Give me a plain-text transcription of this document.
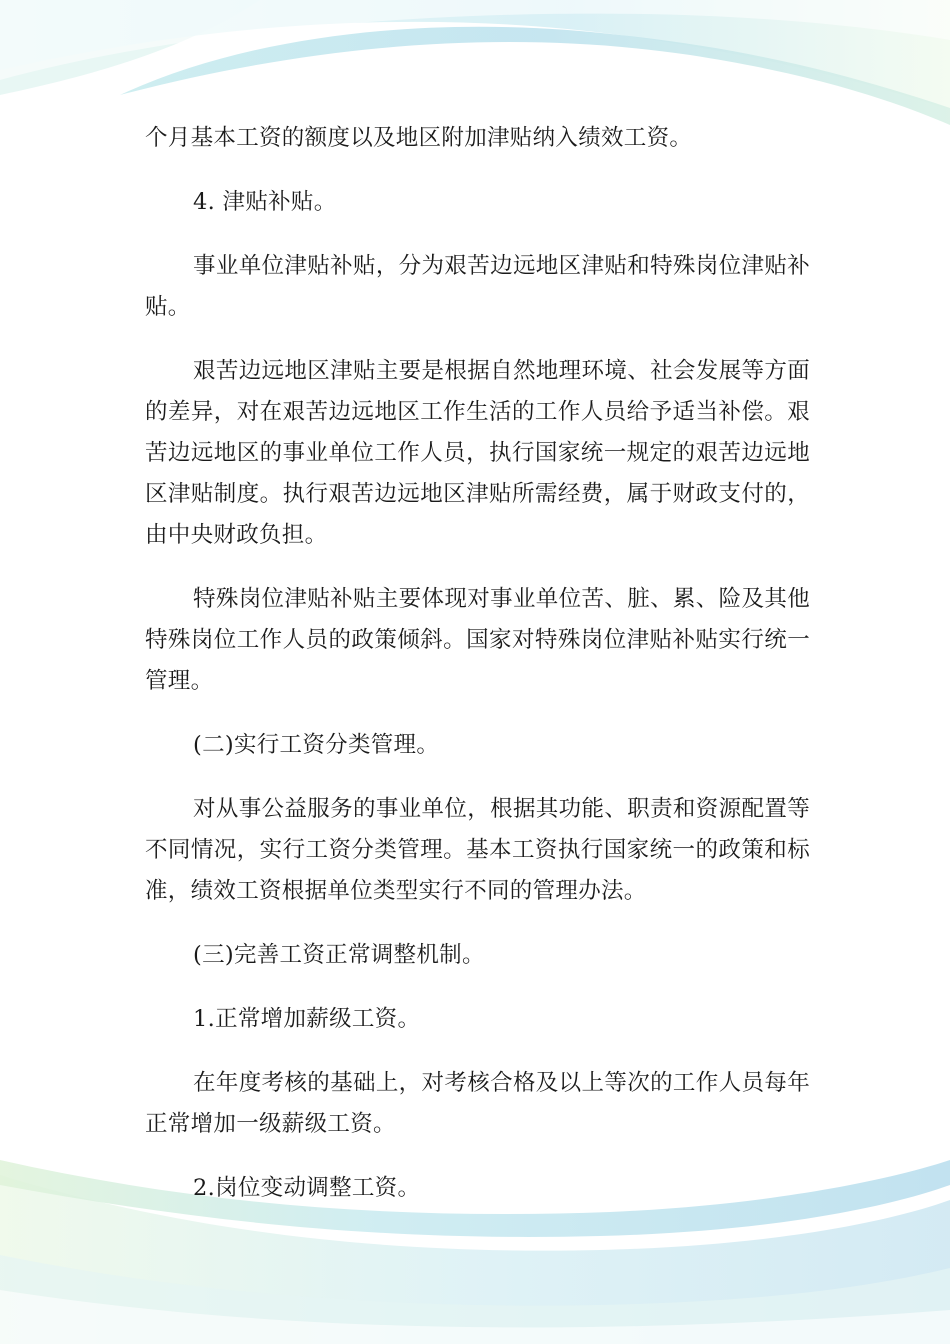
个月基本工资的额度以及地区附加津贴纳入绩效工资。

4. 津贴补贴。

事业单位津贴补贴，分为艰苦边远地区津贴和特殊岗位津贴补贴。

艰苦边远地区津贴主要是根据自然地理环境、社会发展等方面的差异，对在艰苦边远地区工作生活的工作人员给予适当补偿。艰苦边远地区的事业单位工作人员，执行国家统一规定的艰苦边远地区津贴制度。执行艰苦边远地区津贴所需经费，属于财政支付的，由中央财政负担。

特殊岗位津贴补贴主要体现对事业单位苦、脏、累、险及其他特殊岗位工作人员的政策倾斜。国家对特殊岗位津贴补贴实行统一管理。

(二)实行工资分类管理。

对从事公益服务的事业单位，根据其功能、职责和资源配置等不同情况，实行工资分类管理。基本工资执行国家统一的政策和标准，绩效工资根据单位类型实行不同的管理办法。

(三)完善工资正常调整机制。

1.正常增加薪级工资。

在年度考核的基础上，对考核合格及以上等次的工作人员每年正常增加一级薪级工资。

2.岗位变动调整工资。
